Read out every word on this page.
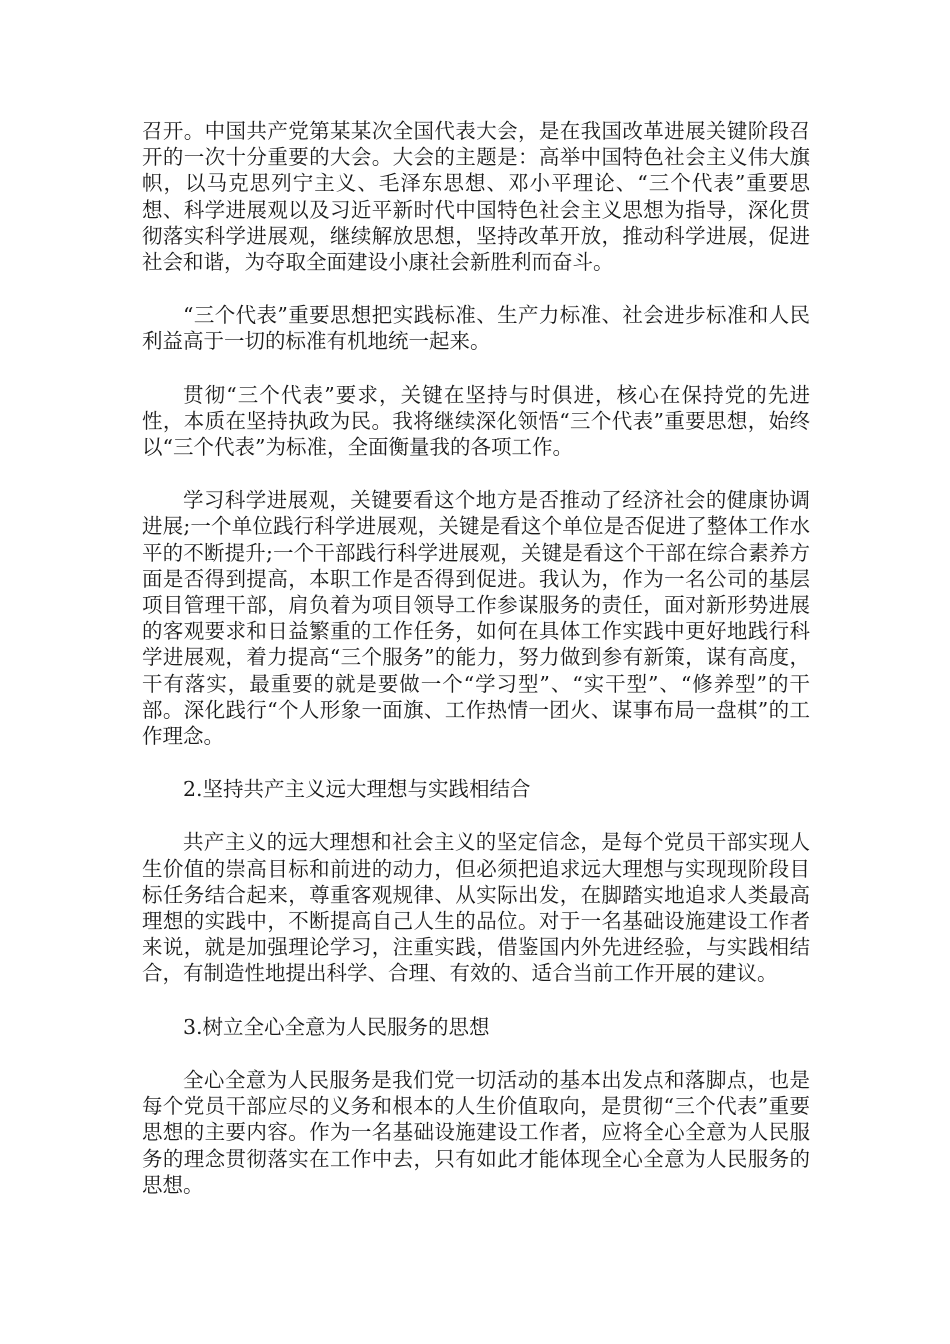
召开。中国共产党第某某次全国代表大会，是在我国改革进展关键阶段召开的一次十分重要的大会。大会的主题是：高举中国特色社会主义伟大旗帜，以马克思列宁主义、毛泽东思想、邓小平理论、“三个代表”重要思想、科学进展观以及习近平新时代中国特色社会主义思想为指导，深化贯彻落实科学进展观，继续解放思想，坚持改革开放，推动科学进展，促进社会和谐，为夺取全面建设小康社会新胜利而奋斗。

“三个代表”重要思想把实践标准、生产力标准、社会进步标准和人民利益高于一切的标准有机地统一起来。

贯彻“三个代表”要求，关键在坚持与时俱进，核心在保持党的先进性，本质在坚持执政为民。我将继续深化领悟“三个代表”重要思想，始终以“三个代表”为标准，全面衡量我的各项工作。

学习科学进展观，关键要看这个地方是否推动了经济社会的健康协调进展;一个单位践行科学进展观，关键是看这个单位是否促进了整体工作水平的不断提升;一个干部践行科学进展观，关键是看这个干部在综合素养方面是否得到提高，本职工作是否得到促进。我认为，作为一名公司的基层项目管理干部，肩负着为项目领导工作参谋服务的责任，面对新形势进展的客观要求和日益繁重的工作任务，如何在具体工作实践中更好地践行科学进展观，着力提高“三个服务”的能力，努力做到参有新策，谋有高度，干有落实，最重要的就是要做一个“学习型”、“实干型”、“修养型”的干部。深化践行“个人形象一面旗、工作热情一团火、谋事布局一盘棋”的工作理念。

2.坚持共产主义远大理想与实践相结合

共产主义的远大理想和社会主义的坚定信念，是每个党员干部实现人生价值的崇高目标和前进的动力，但必须把追求远大理想与实现现阶段目标任务结合起来，尊重客观规律、从实际出发，在脚踏实地追求人类最高理想的实践中，不断提高自己人生的品位。对于一名基础设施建设工作者来说，就是加强理论学习，注重实践，借鉴国内外先进经验，与实践相结合，有制造性地提出科学、合理、有效的、适合当前工作开展的建议。

3.树立全心全意为人民服务的思想

全心全意为人民服务是我们党一切活动的基本出发点和落脚点，也是每个党员干部应尽的义务和根本的人生价值取向，是贯彻“三个代表”重要思想的主要内容。作为一名基础设施建设工作者，应将全心全意为人民服务的理念贯彻落实在工作中去，只有如此才能体现全心全意为人民服务的思想。
